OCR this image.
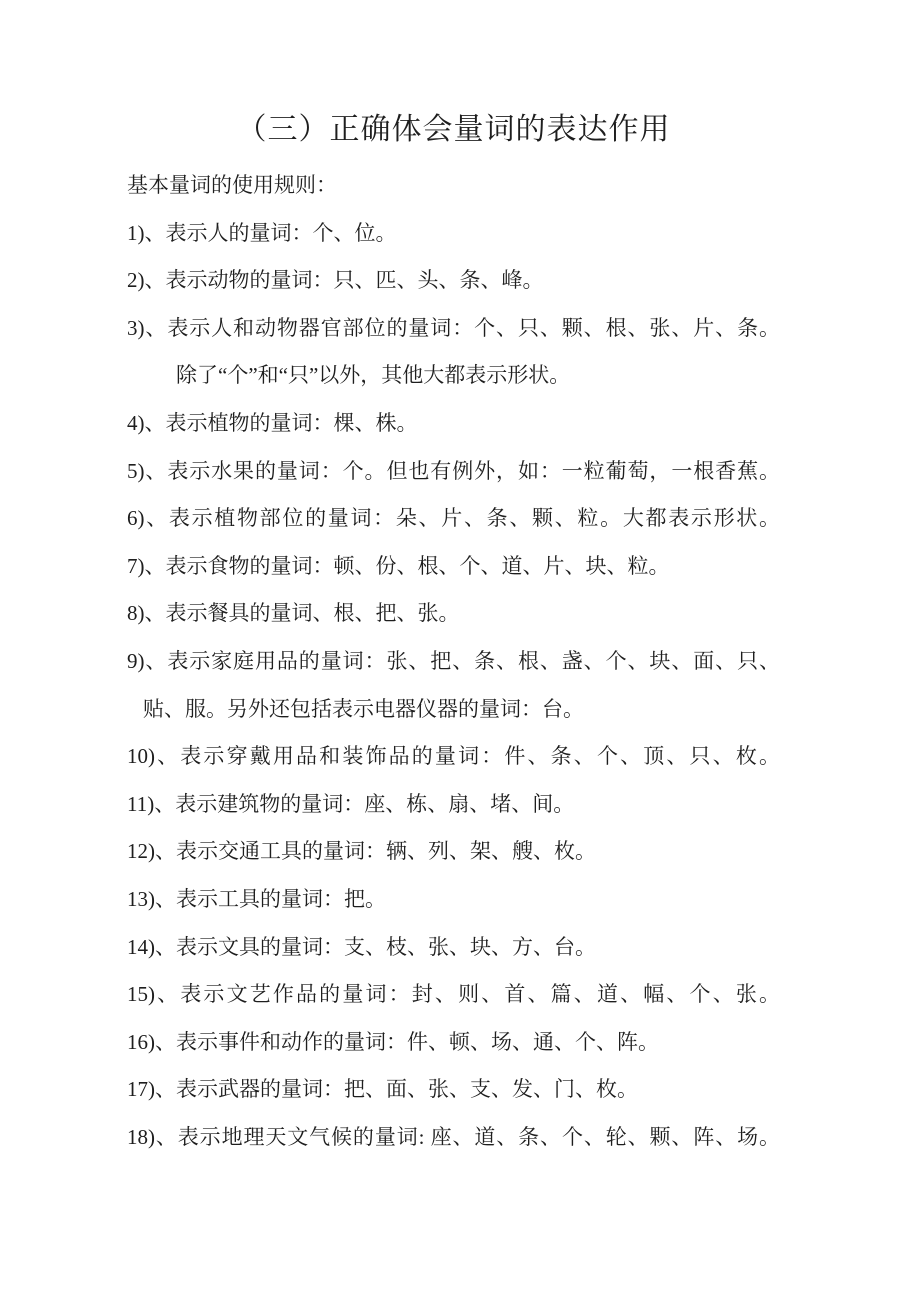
（三）正确体会量词的表达作用
基本量词的使用规则：
1)、表示人的量词：个、位。
2)、表示动物的量词：只、匹、头、条、峰。
3)、表示人和动物器官部位的量词：个、只、颗、根、张、片、条。
除了“个”和“只”以外，其他大都表示形状。
4)、表示植物的量词：棵、株。
5)、表示水果的量词：个。但也有例外，如：一粒葡萄，一根香蕉。
6)、表示植物部位的量词：朵、片、条、颗、粒。大都表示形状。
7)、表示食物的量词：顿、份、根、个、道、片、块、粒。
8)、表示餐具的量词、根、把、张。
9)、表示家庭用品的量词：张、把、条、根、盏、个、块、面、只、
贴、服。另外还包括表示电器仪器的量词：台。
10)、表示穿戴用品和装饰品的量词：件、条、个、顶、只、枚。
11)、表示建筑物的量词：座、栋、扇、堵、间。
12)、表示交通工具的量词：辆、列、架、艘、枚。
13)、表示工具的量词：把。
14)、表示文具的量词：支、枝、张、块、方、台。
15)、表示文艺作品的量词：封、则、首、篇、道、幅、个、张。
16)、表示事件和动作的量词：件、顿、场、通、个、阵。
17)、表示武器的量词：把、面、张、支、发、门、枚。
18)、表示地理天文气候的量词: 座、道、条、个、轮、颗、阵、场。
